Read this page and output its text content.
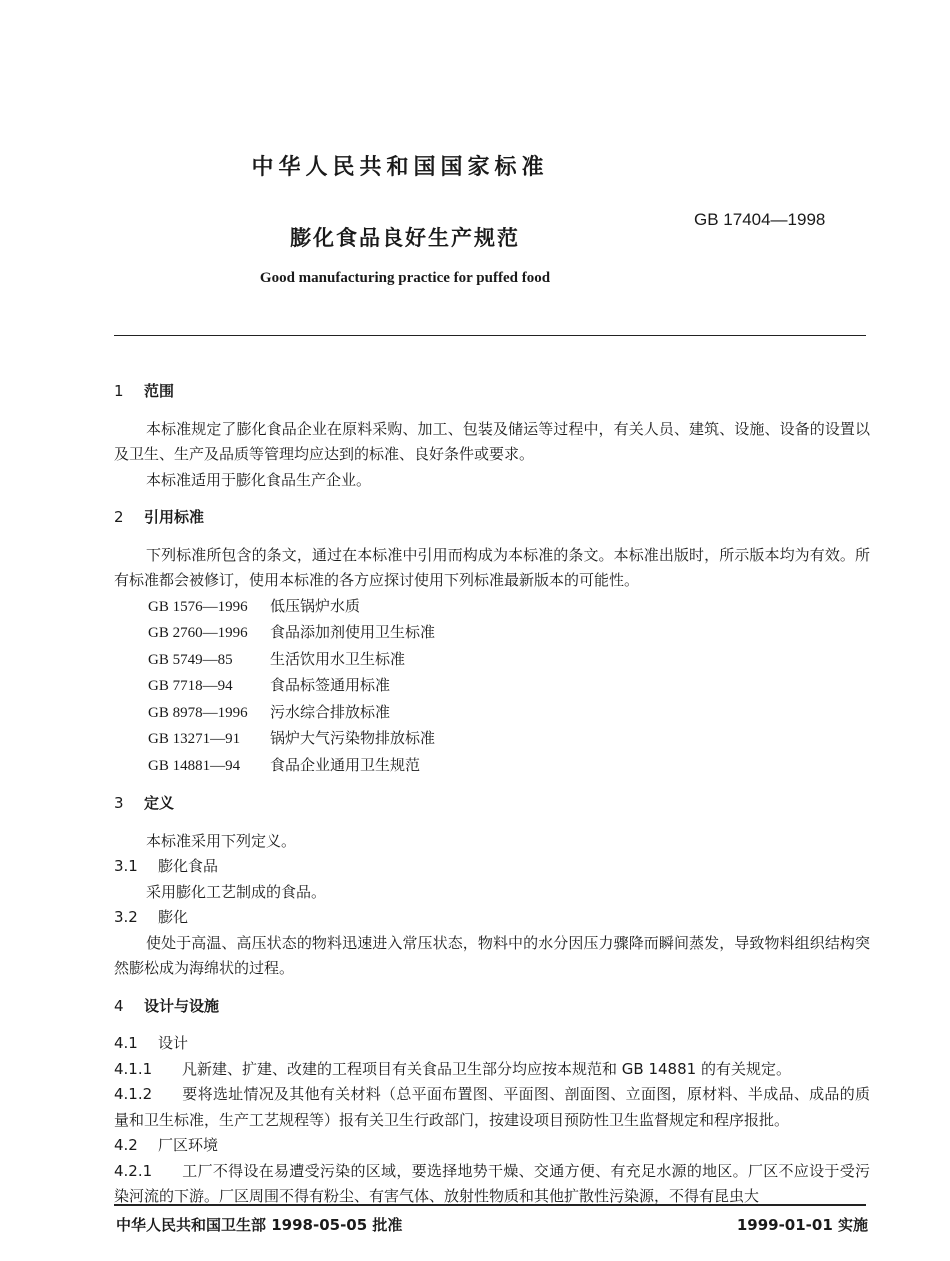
中华人民共和国国家标准
GB 17404—1998
膨化食品良好生产规范
Good manufacturing practice for puffed food

1 范围

本标准规定了膨化食品企业在原料采购、加工、包装及储运等过程中，有关人员、建筑、设施、设备的设置以及卫生、生产及品质等管理均应达到的标准、良好条件或要求。

本标准适用于膨化食品生产企业。

2 引用标准

下列标准所包含的条文，通过在本标准中引用而构成为本标准的条文。本标准出版时，所示版本均为有效。所有标准都会被修订，使用本标准的各方应探讨使用下列标准最新版本的可能性。

GB 1576—1996 低压锅炉水质

GB 2760—1996 食品添加剂使用卫生标准

GB 5749—85 生活饮用水卫生标准

GB 7718—94 食品标签通用标准

GB 8978—1996 污水综合排放标准

GB 13271—91 锅炉大气污染物排放标准

GB 14881—94 食品企业通用卫生规范

3 定义

本标准采用下列定义。

3.1 膨化食品

采用膨化工艺制成的食品。

3.2 膨化

使处于高温、高压状态的物料迅速进入常压状态，物料中的水分因压力骤降而瞬间蒸发，导致物料组织结构突然膨松成为海绵状的过程。

4 设计与设施

4.1 设计

4.1.1 凡新建、扩建、改建的工程项目有关食品卫生部分均应按本规范和 GB 14881 的有关规定。

4.1.2 要将选址情况及其他有关材料（总平面布置图、平面图、剖面图、立面图，原材料、半成品、成品的质量和卫生标准，生产工艺规程等）报有关卫生行政部门，按建设项目预防性卫生监督规定和程序报批。

4.2 厂区环境

4.2.1 工厂不得设在易遭受污染的区域，要选择地势干燥、交通方便、有充足水源的地区。厂区不应设于受污染河流的下游。厂区周围不得有粉尘、有害气体、放射性物质和其他扩散性污染源，不得有昆虫大

中华人民共和国卫生部 1998-05-05 批准	1999-01-01 实施
